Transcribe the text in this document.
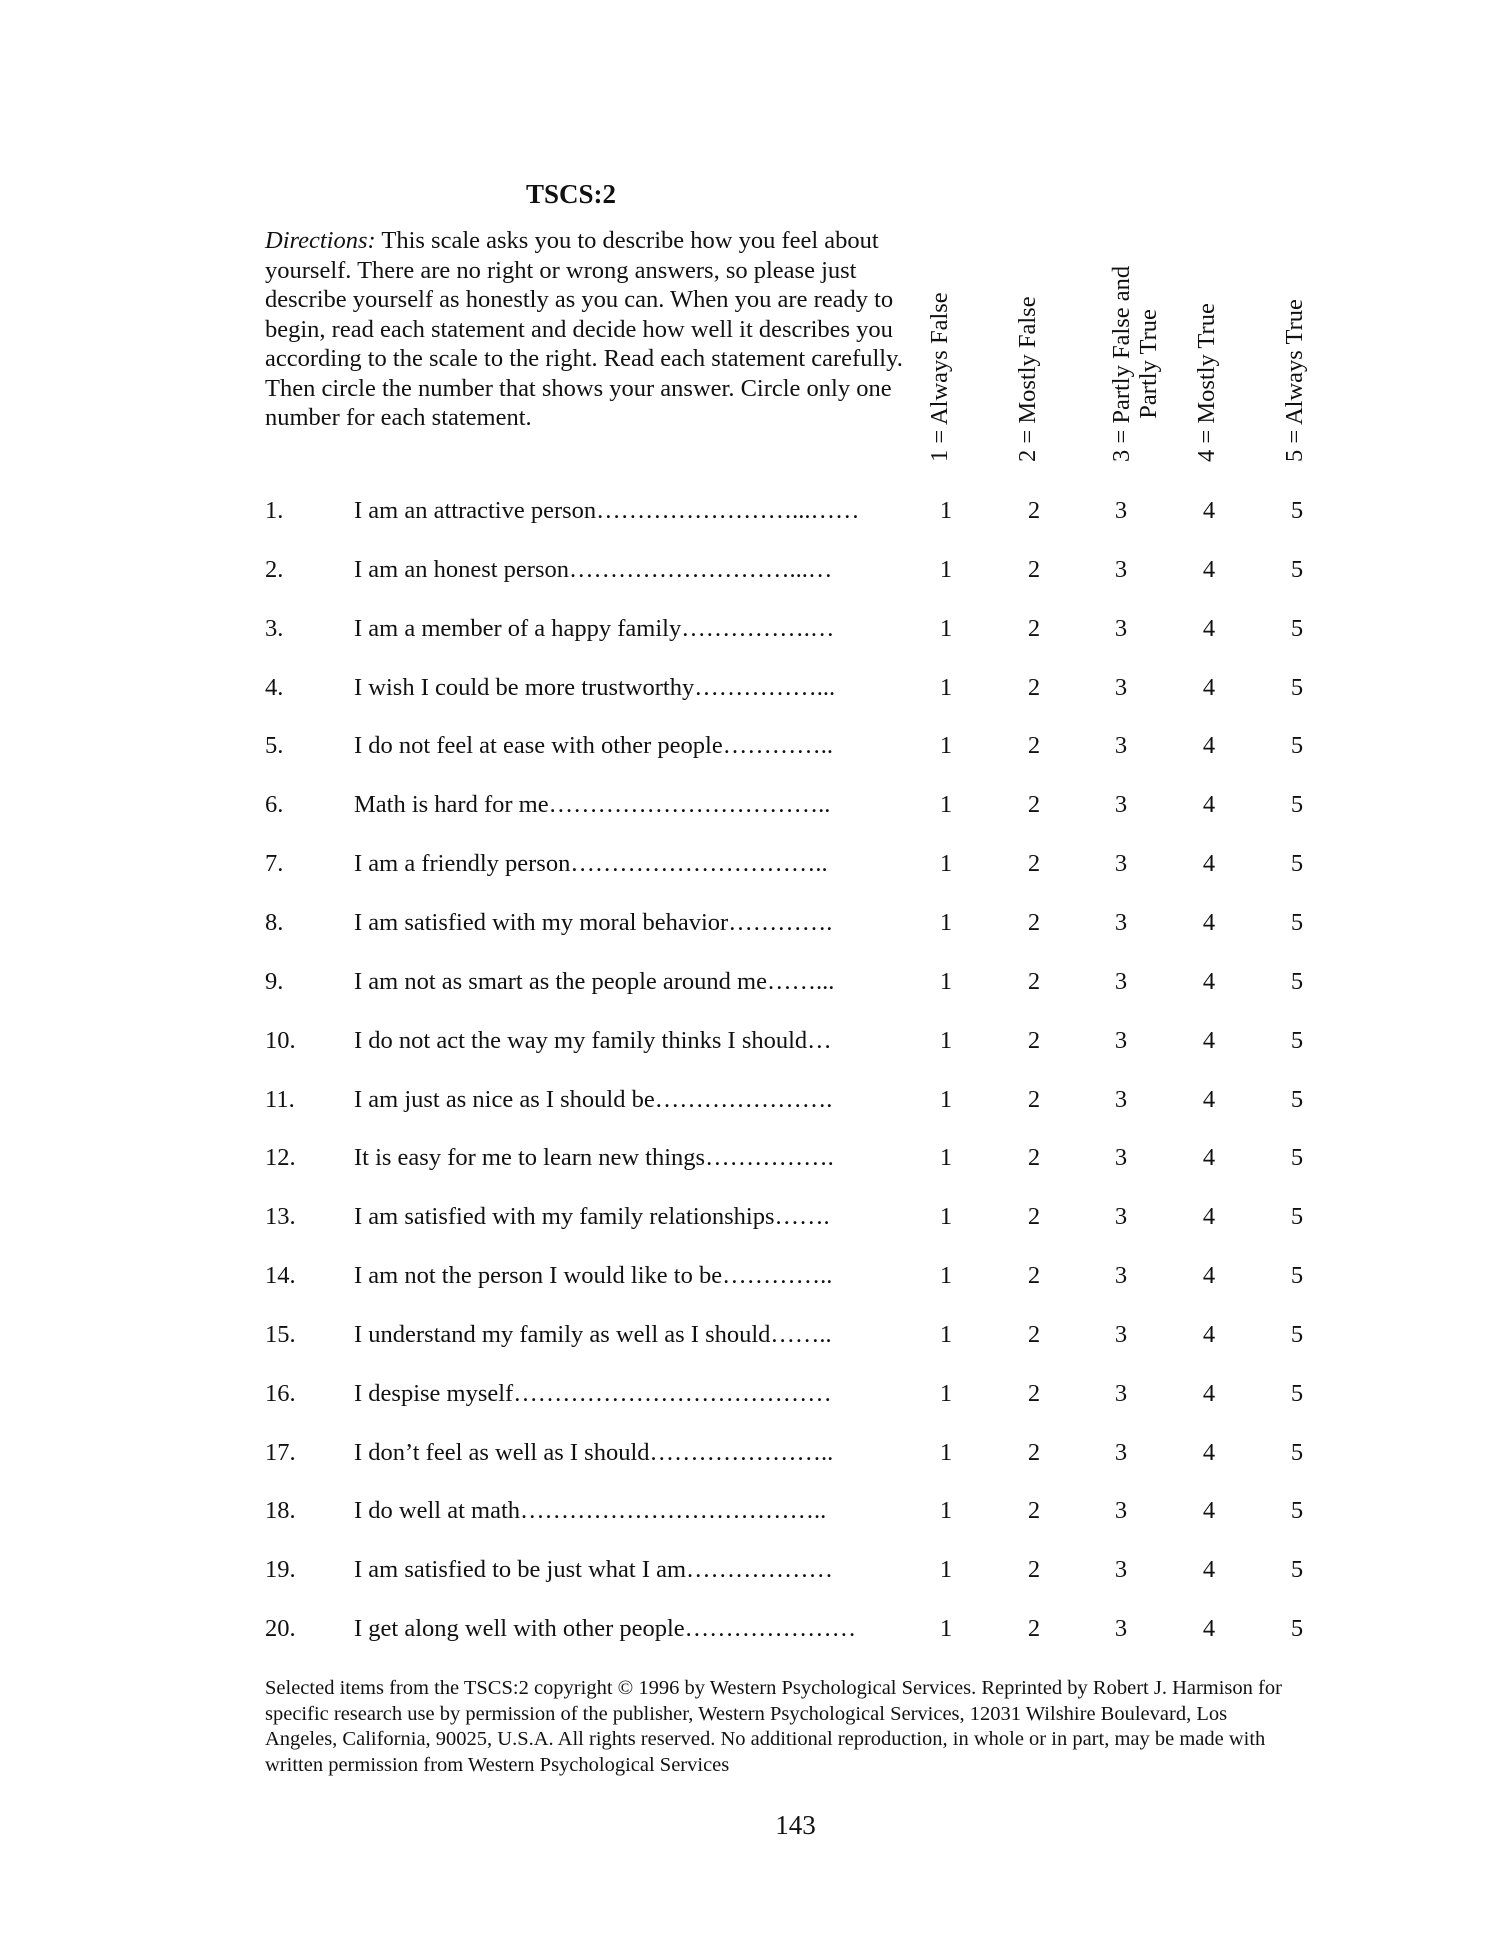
TSCS:2

Directions: This scale asks you to describe how you feel about yourself. There are no right or wrong answers, so please just describe yourself as honestly as you can. When you are ready to begin, read each statement and decide how well it describes you according to the scale to the right. Read each statement carefully. Then circle the number that shows your answer. Circle only one number for each statement.	1 = Always False 2 = Mostly False	3 = Partly False and Partly True 4 = Mostly True 5 = Always True
1.	I am an attractive person……………………...……	1	2	3	4	5
2.	I am an honest person………………………...…	1	2	3	4	5
3.	I am a member of a happy family…………….…	1	2	3	4	5
4.	I wish I could be more trustworthy……………...	1	2	3	4	5
5.	I do not feel at ease with other people…………..	1	2	3	4	5
6.	Math is hard for me……………………………..	1	2	3	4	5
7.	I am a friendly person…………………………..	1	2	3	4	5
8.	I am satisfied with my moral behavior………….	1	2	3	4	5
9.	I am not as smart as the people around me……...	1	2	3	4	5
10. I do not act the way my family thinks I should…	1	2	3	4	5
11. I am just as nice as I should be………………….	1	2	3	4	5
12. It is easy for me to learn new things…………….	1	2	3	4	5
13. I am satisfied with my family relationships…….	1	2	3	4	5
14. I am not the person I would like to be…………..	1	2	3	4	5
15. I understand my family as well as I should……..	1	2	3	4	5
16. I despise myself…………………………………	1	2	3	4	5
17. I don’t feel as well as I should…………………..	1	2	3	4	5
18. I do well at math………………………………..	1	2	3	4	5
19. I am satisfied to be just what I am………………	1	2	3	4	5
20. I get along well with other people…………………	1	2	3	4	5

Selected items from the TSCS:2 copyright © 1996 by Western Psychological Services. Reprinted by Robert J. Harmison for specific research use by permission of the publisher, Western Psychological Services, 12031 Wilshire Boulevard, Los Angeles, California, 90025, U.S.A. All rights reserved. No additional reproduction, in whole or in part, may be made with written permission from Western Psychological Services

143
